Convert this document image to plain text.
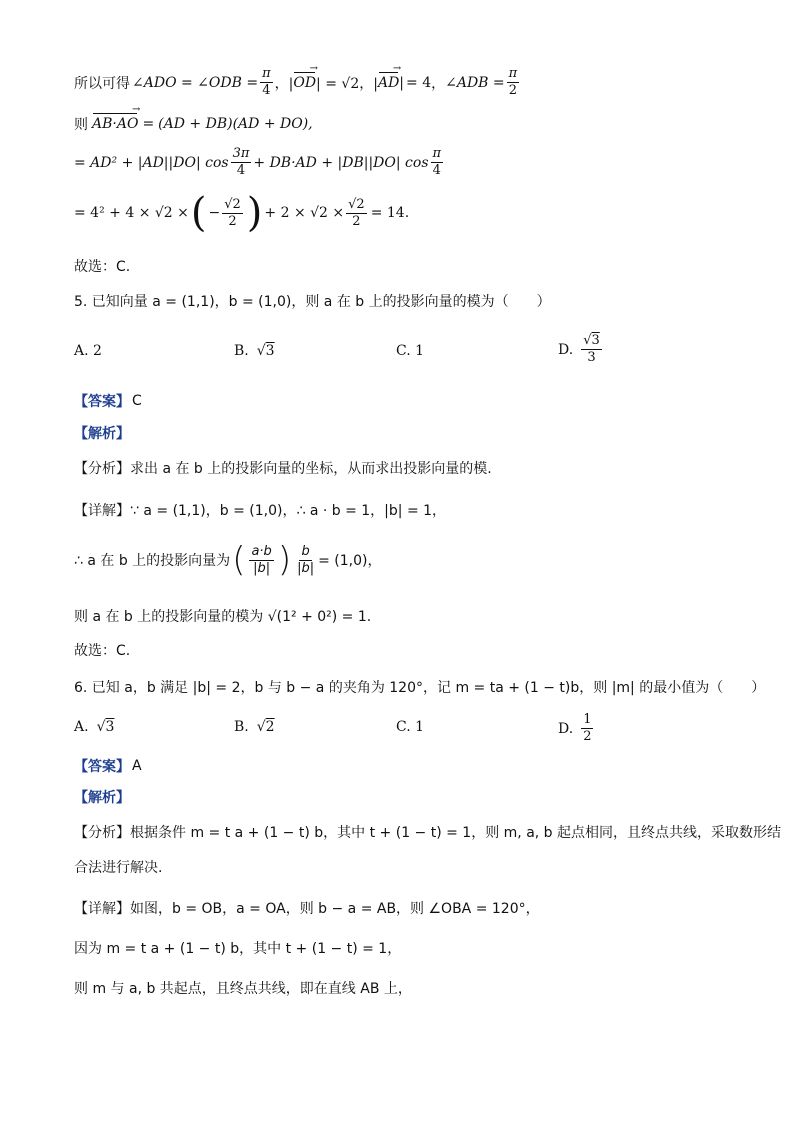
所以可得 ∠ADO = ∠ODB = $\frac{\pi}{4}$ ，| OD → | = √2，| AD → | = 4 ， ∠ADB = $\frac{\pi}{2}$
则 AB·AO → = (AD + DB)(AD + DO),
= AD² + |AD||DO| $\cos \frac{3\pi}{4} + DB\cdot AD + |DB||DO|$ $\cos \frac{\pi}{4}$
= 4² + 4 × √2 × ( − $\frac{√2}{2}$ ) + $2 \times √2 \times \frac{√2}{2} = 14$ .
故选：C.
5. 已知向量 a = (1,1)，b = (1,0)，则 a 在 b 上的投影向量的模为（　　）
A. 2	B. √3	C. 1	D. $\frac{√3}{3}$
【答案】 C
【解析】
【分析】 求出 a 在 b 上的投影向量的坐标，从而求出投影向量的模.
【详解】 ∵ a = (1,1)，b = (1,0)，∴ a · b = 1，|b| = 1，
∴ a 在 b 上的投影向量为 ( $\frac{a\cdot b}{|b|}$ ) $\frac{b}{|b|} = (1,0)$，
则 a 在 b 上的投影向量的模为 √(1² + 0²) = 1.
故选：C.
6. 已知 a，b 满足 |b| = 2，b 与 b − a 的夹角为 120°，记 m = ta + (1 − t)b，则 |m| 的最小值为（　　）
A. √3	B. √2	C. 1	D. $\frac{1}{2}$
【答案】 A
【解析】
【分析】 根据条件 m = t a + (1 − t) b，其中 t + (1 − t) = 1，则 m, a, b 起点相同，且终点共线，采取数形结
合法进行解决.
【详解】 如图，b = OB，a = OA，则 b − a = AB，则 ∠OBA = 120°，
因为 m = t a + (1 − t) b，其中 t + (1 − t) = 1，
则 m 与 a, b 共起点，且终点共线，即在直线 AB 上，
